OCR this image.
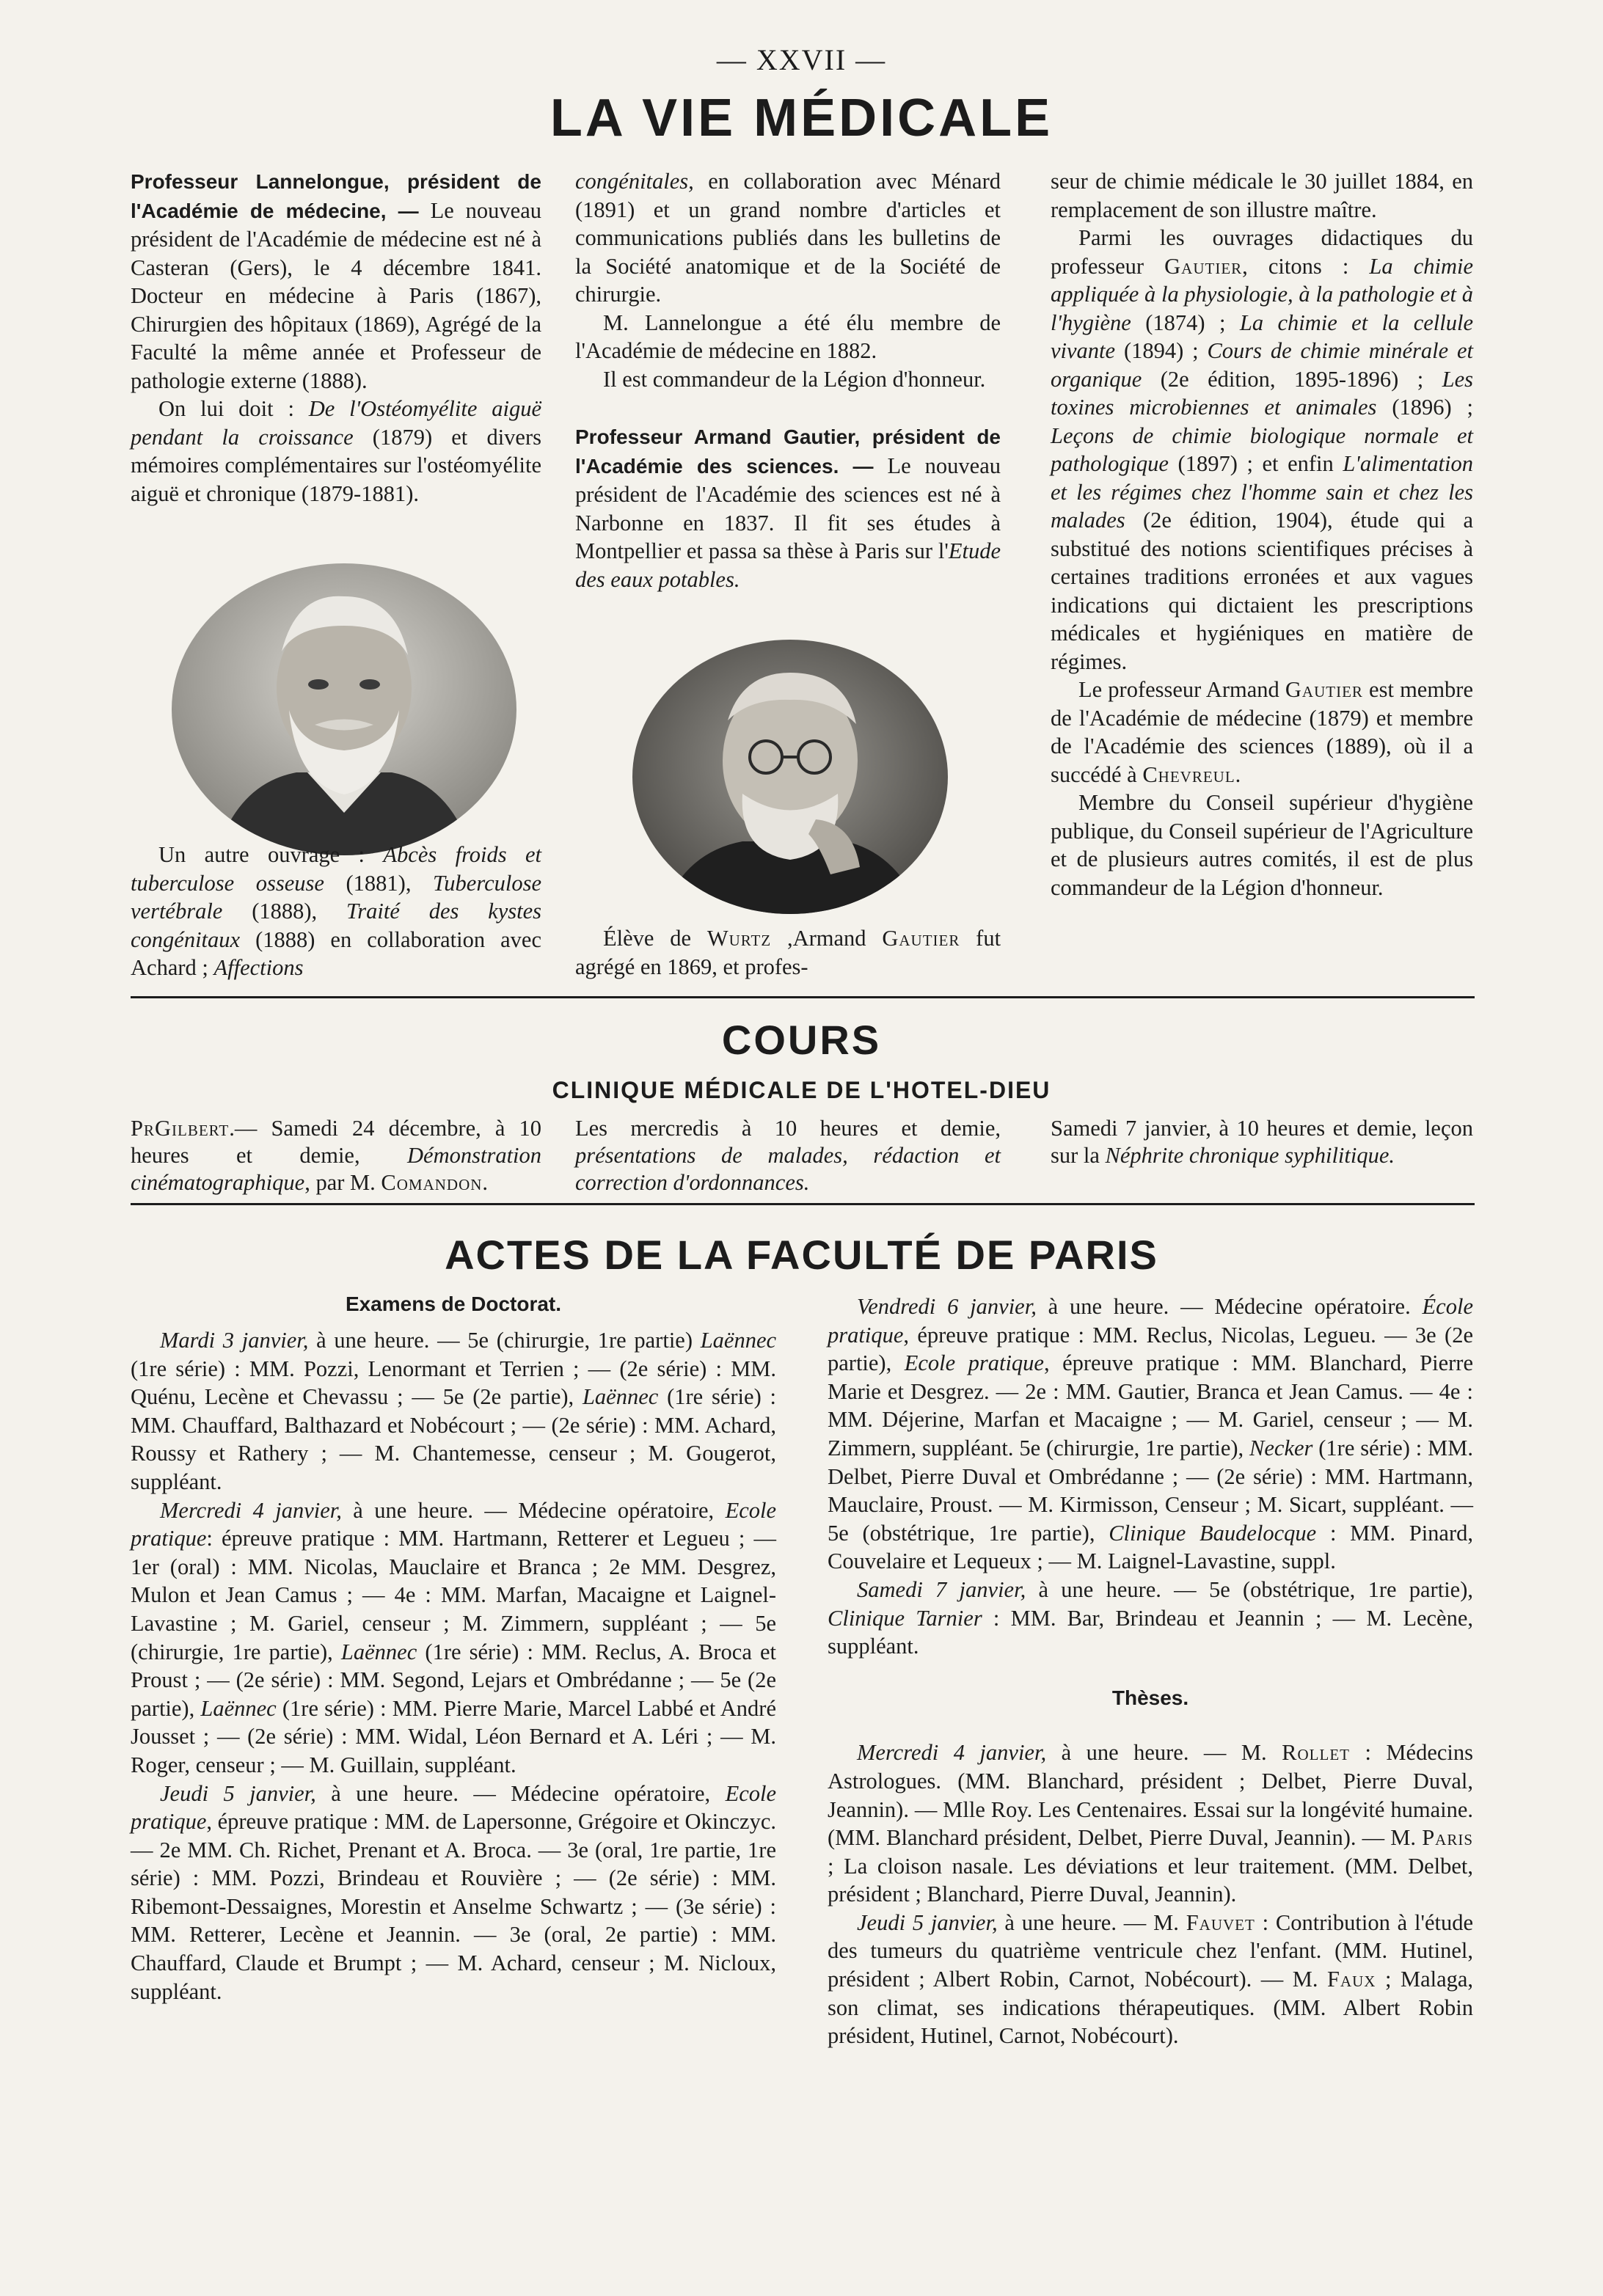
— XXVII —
LA VIE MÉDICALE

Professeur Lannelongue, président de l'Académie de médecine, — Le nouveau président de l'Académie de médecine est né à Casteran (Gers), le 4 décembre 1841. Docteur en médecine à Paris (1867), Chirurgien des hôpitaux (1869), Agrégé de la Faculté la même année et Professeur de pathologie externe (1888).

On lui doit : De l'Ostéomyélite aiguë pendant la croissance (1879) et divers mémoires complémentaires sur l'ostéomyélite aiguë et chronique (1879-1881).

Un autre ouvrage : Abcès froids et tuberculose osseuse (1881), Tuberculose vertébrale (1888), Traité des kystes congénitaux (1888) en collaboration avec Achard ; Affections

congénitales, en collaboration avec Ménard (1891) et un grand nombre d'articles et communications publiés dans les bulletins de la Société anatomique et de la Société de chirurgie.

M. Lannelongue a été élu membre de l'Académie de médecine en 1882.

Il est commandeur de la Légion d'honneur.

Professeur Armand Gautier, président de l'Académie des sciences. — Le nouveau président de l'Académie des sciences est né à Narbonne en 1837. Il fit ses études à Montpellier et passa sa thèse à Paris sur l'Etude des eaux potables.

Élève de Wurtz ,Armand Gautier fut agrégé en 1869, et profes-

seur de chimie médicale le 30 juillet 1884, en remplacement de son illustre maître.

Parmi les ouvrages didactiques du professeur Gautier, citons : La chimie appliquée à la physiologie, à la pathologie et à l'hygiène (1874) ; La chimie et la cellule vivante (1894) ; Cours de chimie minérale et organique (2e édition, 1895-1896) ; Les toxines microbiennes et animales (1896) ; Leçons de chimie biologique normale et pathologique (1897) ; et enfin L'alimentation et les régimes chez l'homme sain et chez les malades (2e édition, 1904), étude qui a substitué des notions scientifiques précises à certaines traditions erronées et aux vagues indications qui dictaient les prescriptions médicales et hygiéniques en matière de régimes.

Le professeur Armand Gautier est membre de l'Académie de médecine (1879) et membre de l'Académie des sciences (1889), où il a succédé à Chevreul.

Membre du Conseil supérieur d'hygiène publique, du Conseil supérieur de l'Agriculture et de plusieurs autres comités, il est de plus commandeur de la Légion d'honneur.

COURS
CLINIQUE MÉDICALE DE L'HOTEL-DIEU

PrGilbert.— Samedi 24 décembre, à 10 heures et demie, Démonstration cinématographique, par M. Comandon.

Les mercredis à 10 heures et demie, présentations de malades, rédaction et correction d'ordonnances.

Samedi 7 janvier, à 10 heures et demie, leçon sur la Néphrite chronique syphilitique.

ACTES DE LA FACULTÉ DE PARIS
Examens de Doctorat.

Mardi 3 janvier, à une heure. — 5e (chirurgie, 1re partie) Laënnec (1re série) : MM. Pozzi, Lenormant et Terrien ; — (2e série) : MM. Quénu, Lecène et Chevassu ; — 5e (2e partie), Laënnec (1re série) : MM. Chauffard, Balthazard et Nobécourt ; — (2e série) : MM. Achard, Roussy et Rathery ; — M. Chantemesse, censeur ; M. Gougerot, suppléant.

Mercredi 4 janvier, à une heure. — Médecine opératoire, Ecole pratique: épreuve pratique : MM. Hartmann, Retterer et Legueu ; — 1er (oral) : MM. Nicolas, Mauclaire et Branca ; 2e MM. Desgrez, Mulon et Jean Camus ; — 4e : MM. Marfan, Macaigne et Laignel-Lavastine ; M. Gariel, censeur ; M. Zimmern, suppléant ; — 5e (chirurgie, 1re partie), Laënnec (1re série) : MM. Reclus, A. Broca et Proust ; — (2e série) : MM. Segond, Lejars et Ombrédanne ; — 5e (2e partie), Laënnec (1re série) : MM. Pierre Marie, Marcel Labbé et André Jousset ; — (2e série) : MM. Widal, Léon Bernard et A. Léri ; — M. Roger, censeur ; — M. Guillain, suppléant.

Jeudi 5 janvier, à une heure. — Médecine opératoire, Ecole pratique, épreuve pratique : MM. de Lapersonne, Grégoire et Okinczyc. — 2e MM. Ch. Richet, Prenant et A. Broca. — 3e (oral, 1re partie, 1re série) : MM. Pozzi, Brindeau et Rouvière ; — (2e série) : MM. Ribemont-Dessaignes, Morestin et Anselme Schwartz ; — (3e série) : MM. Retterer, Lecène et Jeannin. — 3e (oral, 2e partie) : MM. Chauffard, Claude et Brumpt ; — M. Achard, censeur ; M. Nicloux, suppléant.

Vendredi 6 janvier, à une heure. — Médecine opératoire. École pratique, épreuve pratique : MM. Reclus, Nicolas, Legueu. — 3e (2e partie), Ecole pratique, épreuve pratique : MM. Blanchard, Pierre Marie et Desgrez. — 2e : MM. Gautier, Branca et Jean Camus. — 4e : MM. Déjerine, Marfan et Macaigne ; — M. Gariel, censeur ; — M. Zimmern, suppléant. 5e (chirurgie, 1re partie), Necker (1re série) : MM. Delbet, Pierre Duval et Ombrédanne ; — (2e série) : MM. Hartmann, Mauclaire, Proust. — M. Kirmisson, Censeur ; M. Sicart, suppléant. — 5e (obstétrique, 1re partie), Clinique Baudelocque : MM. Pinard, Couvelaire et Lequeux ; — M. Laignel-Lavastine, suppl.

Samedi 7 janvier, à une heure. — 5e (obstétrique, 1re partie), Clinique Tarnier : MM. Bar, Brindeau et Jeannin ; — M. Lecène, suppléant.

Thèses.

Mercredi 4 janvier, à une heure. — M. Rollet : Médecins Astrologues. (MM. Blanchard, président ; Delbet, Pierre Duval, Jeannin). — Mlle Roy. Les Centenaires. Essai sur la longévité humaine. (MM. Blanchard président, Delbet, Pierre Duval, Jeannin). — M. Paris ; La cloison nasale. Les déviations et leur traitement. (MM. Delbet, président ; Blanchard, Pierre Duval, Jeannin).

Jeudi 5 janvier, à une heure. — M. Fauvet : Contribution à l'étude des tumeurs du quatrième ventricule chez l'enfant. (MM. Hutinel, président ; Albert Robin, Carnot, Nobécourt). — M. Faux ; Malaga, son climat, ses indications thérapeutiques. (MM. Albert Robin président, Hutinel, Carnot, Nobécourt).
